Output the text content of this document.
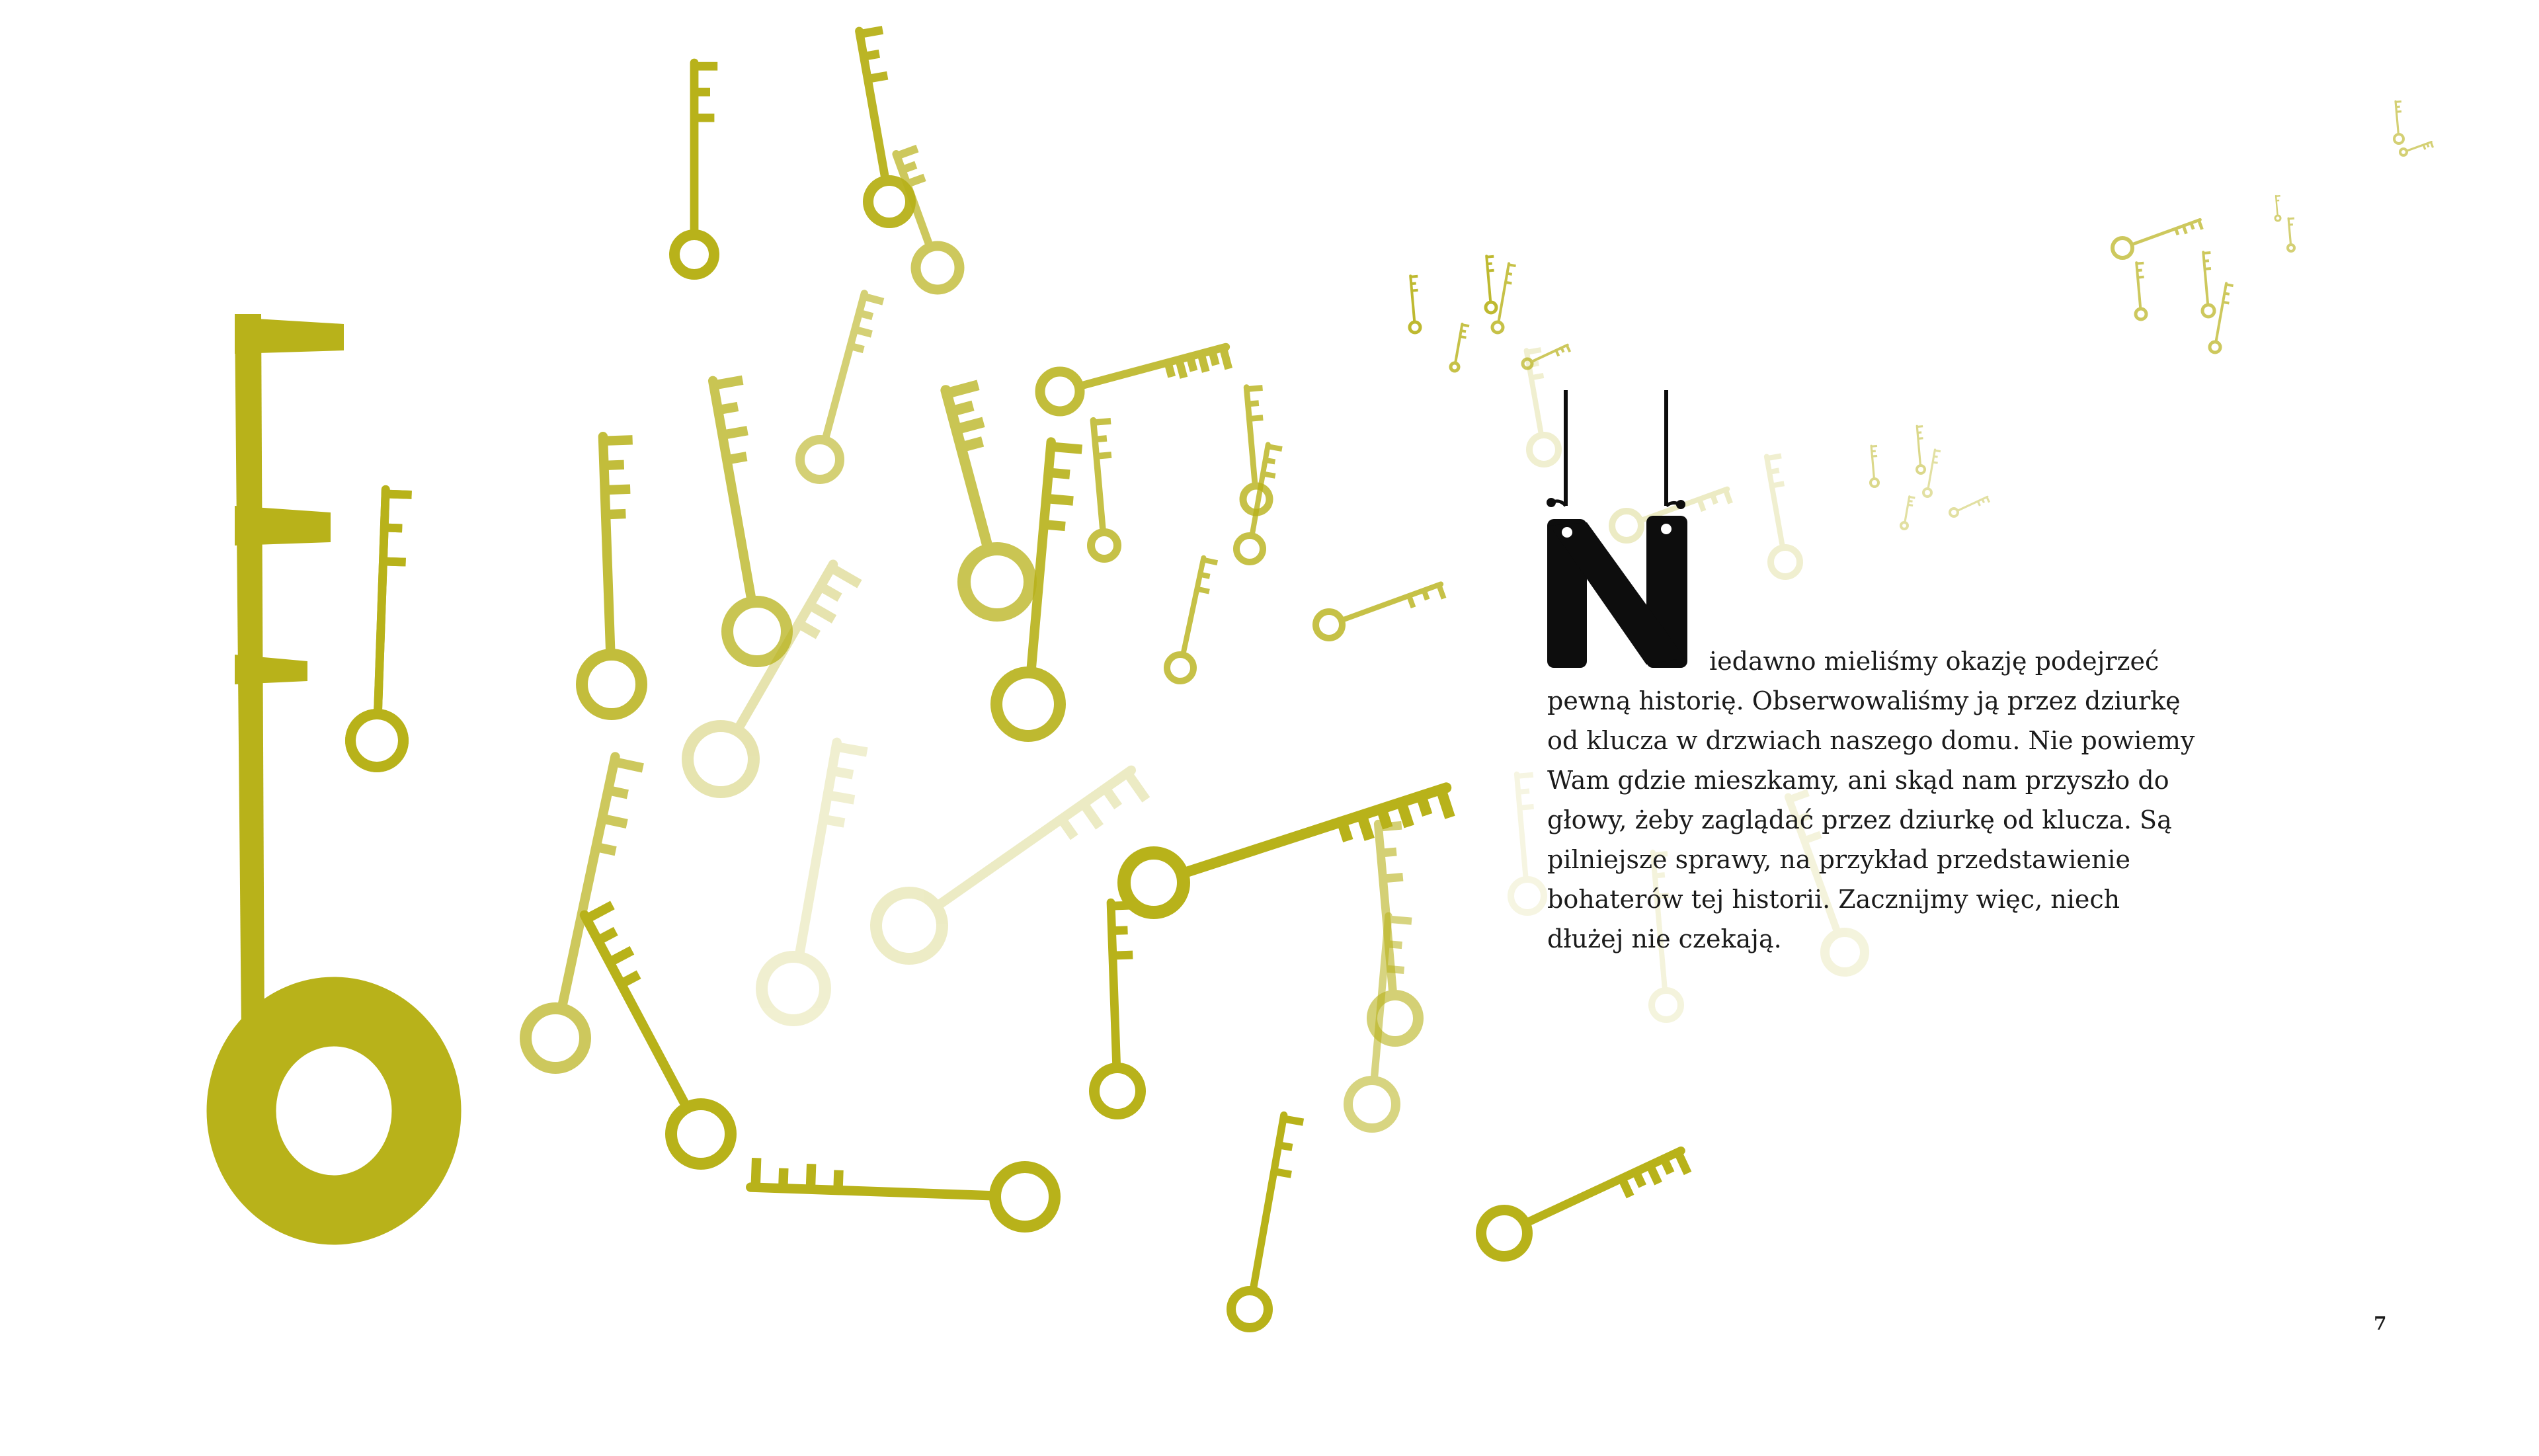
iedawno mieliśmy okazję podejrzeć
pewną historię. Obserwowaliśmy ją przez dziurkę od klucza w drzwiach naszego domu. Nie powiemy Wam gdzie mieszkamy, ani skąd nam przyszło do głowy, żeby zaglądać przez dziurkę od klucza. Są pilniejsze sprawy, na przykład przedstawienie bohaterów tej historii. Zacznijmy więc, niech dłużej nie czekają.

7
